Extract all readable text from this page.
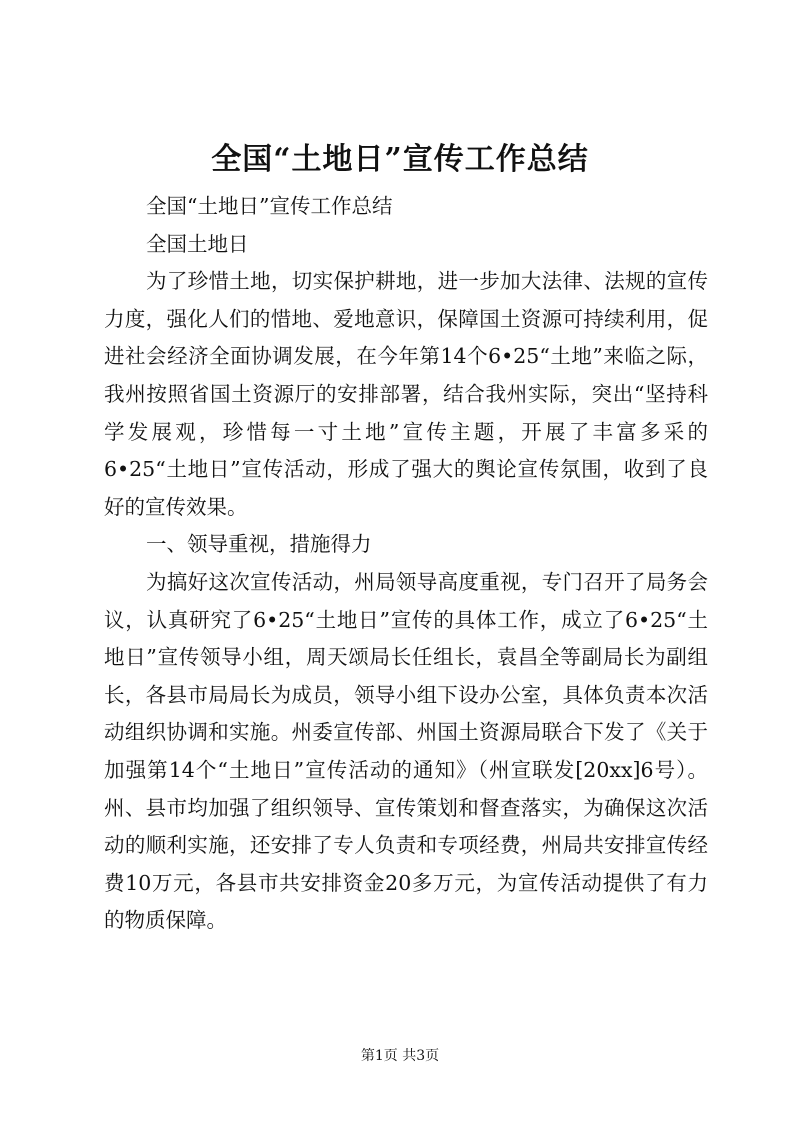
全国“土地日”宣传工作总结

全国“土地日”宣传工作总结

全国土地日

为了珍惜土地，切实保护耕地，进一步加大法律、法规的宣传力度，强化人们的惜地、爱地意识，保障国土资源可持续利用，促进社会经济全面协调发展，在今年第14个6•25“土地”来临之际，我州按照省国土资源厅的安排部署，结合我州实际，突出“坚持科学发展观，珍惜每一寸土地”宣传主题，开展了丰富多采的6•25“土地日”宣传活动，形成了强大的舆论宣传氛围，收到了良好的宣传效果。

一、领导重视，措施得力

为搞好这次宣传活动，州局领导高度重视，专门召开了局务会议，认真研究了6•25“土地日”宣传的具体工作，成立了6•25“土地日”宣传领导小组，周天颂局长任组长，袁昌全等副局长为副组长，各县市局局长为成员，领导小组下设办公室，具体负责本次活动组织协调和实施。州委宣传部、州国土资源局联合下发了《关于加强第14个“土地日”宣传活动的通知》（州宣联发[20xx]6号）。州、县市均加强了组织领导、宣传策划和督查落实，为确保这次活动的顺利实施，还安排了专人负责和专项经费，州局共安排宣传经费10万元，各县市共安排资金20多万元，为宣传活动提供了有力的物质保障。

第1页 共3页
